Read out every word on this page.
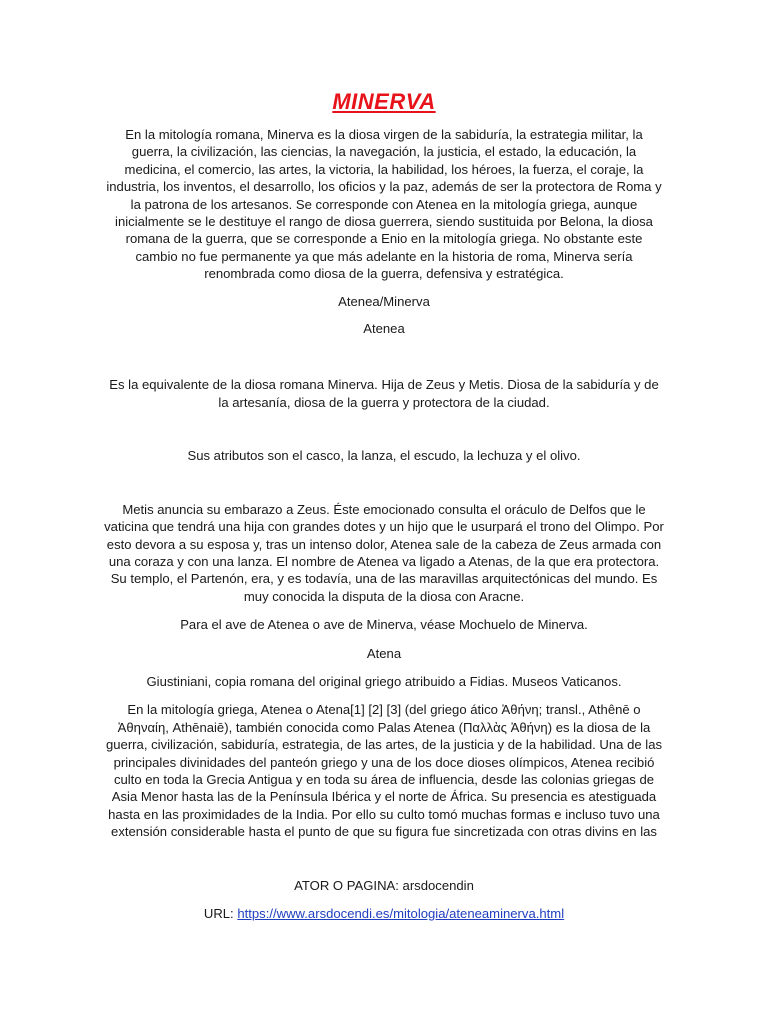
MINERVA

En la mitología romana, Minerva es la diosa virgen de la sabiduría, la estrategia militar, la guerra, la civilización, las ciencias, la navegación, la justicia, el estado, la educación, la medicina, el comercio, las artes, la victoria, la habilidad, los héroes, la fuerza, el coraje, la industria, los inventos, el desarrollo, los oficios y la paz, además de ser la protectora de Roma y la patrona de los artesanos. Se corresponde con Atenea en la mitología griega, aunque inicialmente se le destituye el rango de diosa guerrera, siendo sustituida por Belona, la diosa romana de la guerra, que se corresponde a Enio en la mitología griega. No obstante este cambio no fue permanente ya que más adelante en la historia de roma, Minerva sería renombrada como diosa de la guerra, defensiva y estratégica.

Atenea/Minerva

Atenea

Es la equivalente de la diosa romana Minerva. Hija de Zeus y Metis. Diosa de la sabiduría y de la artesanía, diosa de la guerra y protectora de la ciudad.

Sus atributos son el casco, la lanza, el escudo, la lechuza y el olivo.

Metis anuncia su embarazo a Zeus. Éste emocionado consulta el oráculo de Delfos que le vaticina que tendrá una hija con grandes dotes y un hijo que le usurpará el trono del Olimpo. Por esto devora a su esposa y, tras un intenso dolor, Atenea sale de la cabeza de Zeus armada con una coraza y con una lanza. El nombre de Atenea va ligado a Atenas, de la que era protectora. Su templo, el Partenón, era, y es todavía, una de las maravillas arquitectónicas del mundo. Es muy conocida la disputa de la diosa con Aracne.

Para el ave de Atenea o ave de Minerva, véase Mochuelo de Minerva.

Atena

Giustiniani, copia romana del original griego atribuido a Fidias. Museos Vaticanos.

En la mitología griega, Atenea o Atena[1] [2] [3] (del griego ático Ἀθήνη; transl., Athênē o Ἀθηναίη, Athēnaiē), también conocida como Palas Atenea (Παλλὰς Ἀθήνη) es la diosa de la guerra, civilización, sabiduría, estrategia, de las artes, de la justicia y de la habilidad. Una de las principales divinidades del panteón griego y una de los doce dioses olímpicos, Atenea recibió culto en toda la Grecia Antigua y en toda su área de influencia, desde las colonias griegas de Asia Menor hasta las de la Península Ibérica y el norte de África. Su presencia es atestiguada hasta en las proximidades de la India. Por ello su culto tomó muchas formas e incluso tuvo una extensión considerable hasta el punto de que su figura fue sincretizada con otras divins en las

ATOR O PAGINA: arsdocendin

URL: https://www.arsdocendi.es/mitologia/ateneaminerva.html
